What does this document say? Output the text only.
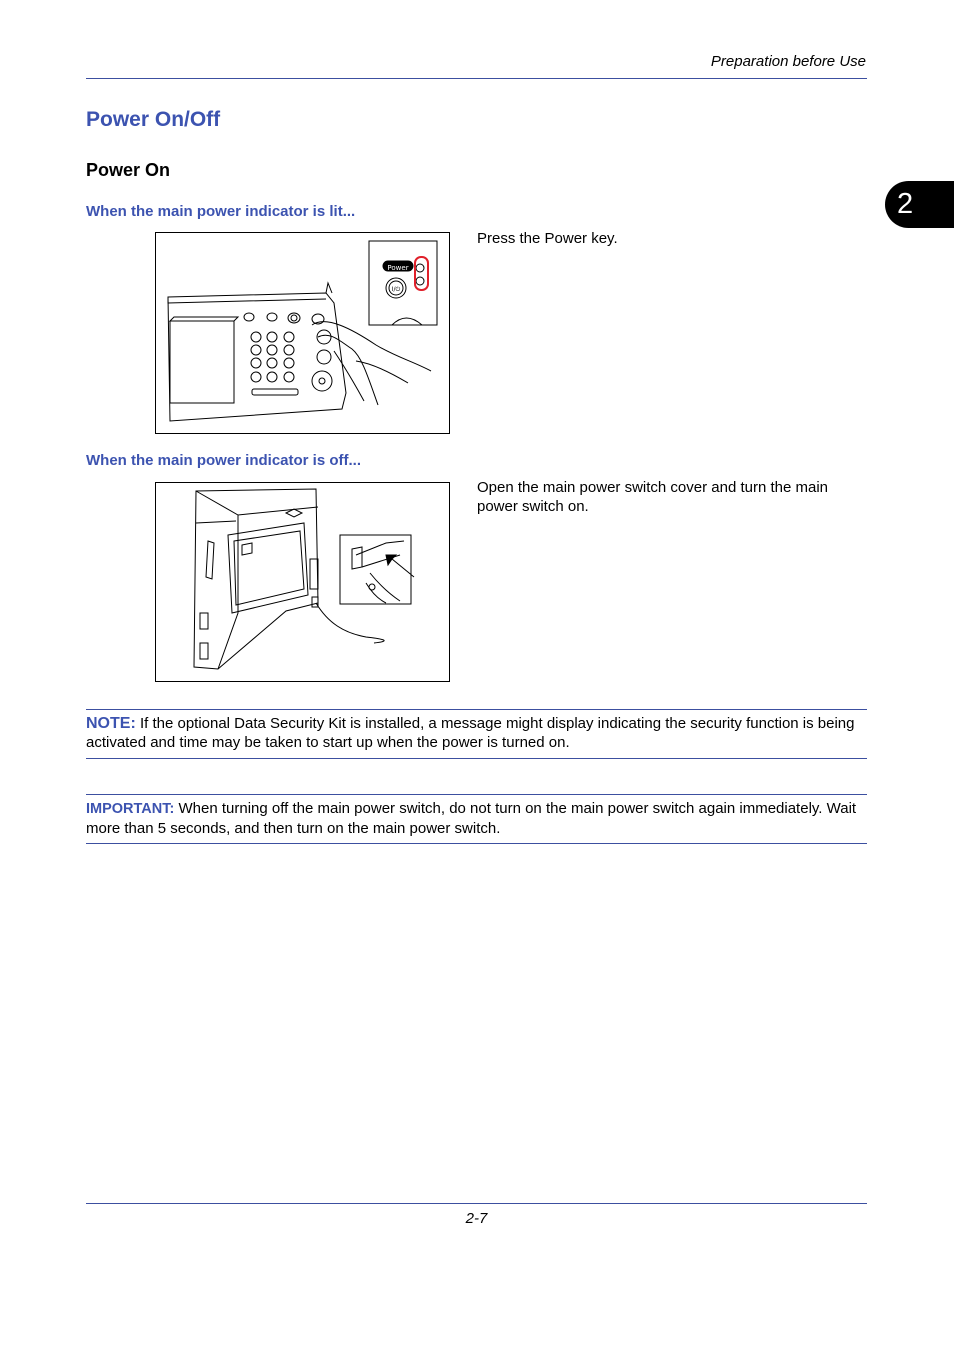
Preparation before Use
2
Power On/Off
Power On
When the main power indicator is lit...
Power
I/⏻
Press the Power key.
When the main power indicator is off...
Open the main power switch cover and turn the main power switch on.
NOTE: If the optional Data Security Kit is installed, a message might display indicating the security function is being activated and time may be taken to start up when the power is turned on.
IMPORTANT: When turning off the main power switch, do not turn on the main power switch again immediately. Wait more than 5 seconds, and then turn on the main power switch.
2-7
